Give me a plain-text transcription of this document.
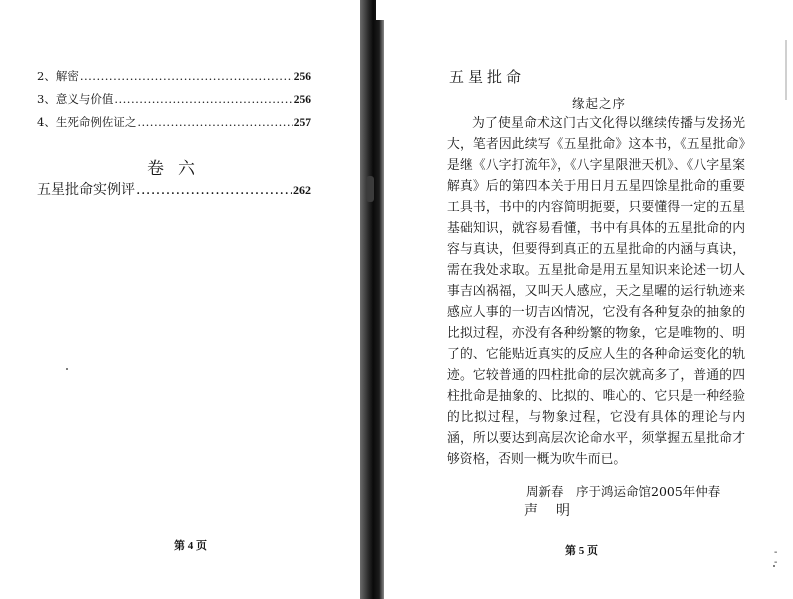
2、 解密 .....	256
3、 意义与价值 .....	256
4、 生死命例佐证之 .....	257
卷六
五星批命实例评 .....	262
第 4 页
五星批命
缘起之序

为了使星命术这门古文化得以继续传播与发扬光大，笔者因此续写《五星批命》这本书，《五星批命》是继《八字打流年》，《八字星限泄天机》、《八字星案解真》后的第四本关于用日月五星四馀星批命的重要工具书，书中的内容简明扼要，只要懂得一定的五星基础知识，就容易看懂，书中有具体的五星批命的内容与真诀，但要得到真正的五星批命的内涵与真诀，需在我处求取。五星批命是用五星知识来论述一切人事吉凶祸福，又叫天人感应，天之星曜的运行轨迹来感应人事的一切吉凶情况，它没有各种复杂的抽象的比拟过程，亦没有各种纷繁的物象，它是唯物的、明了的、它能贴近真实的反应人生的各种命运变化的轨迹。它较普通的四柱批命的层次就高多了，普通的四柱批命是抽象的、比拟的、唯心的、它只是一种经验的比拟过程，与物象过程，它没有具体的理论与内涵，所以要达到高层次论命水平，须掌握五星批命才够资格，否则一概为吹牛而已。

周新春　序于鸿运命馆2005年仲春
声明
第 5 页	-
-
